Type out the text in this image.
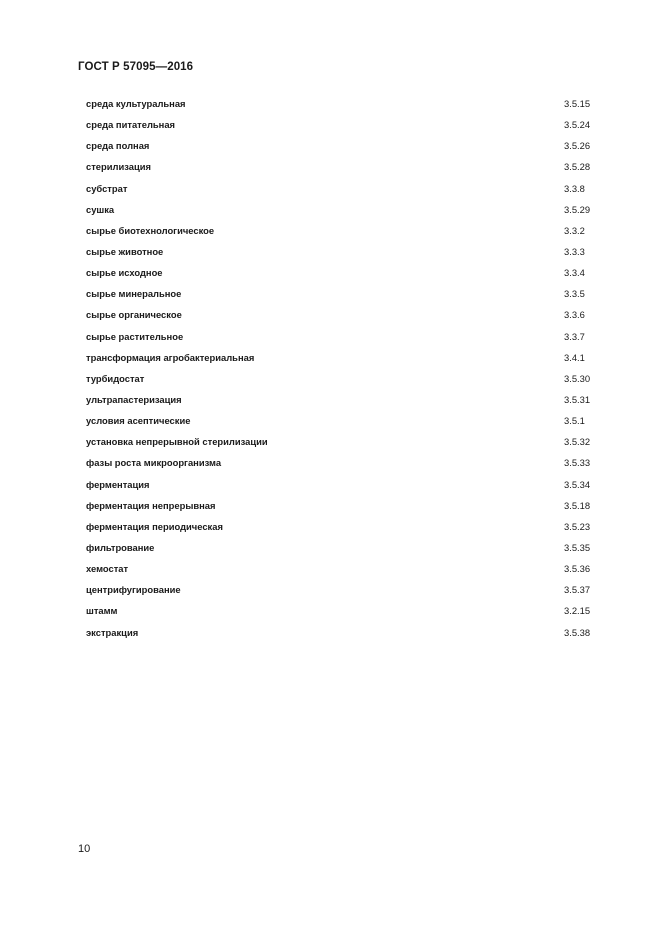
ГОСТ Р 57095—2016
среда культуральная	3.5.15
среда питательная	3.5.24
среда полная	3.5.26
стерилизация	3.5.28
субстрат	3.3.8
сушка	3.5.29
сырье биотехнологическое	3.3.2
сырье животное	3.3.3
сырье исходное	3.3.4
сырье минеральное	3.3.5
сырье органическое	3.3.6
сырье растительное	3.3.7
трансформация агробактериальная	3.4.1
турбидостат	3.5.30
ультрапастеризация	3.5.31
условия асептические	3.5.1
установка непрерывной стерилизации	3.5.32
фазы роста микроорганизма	3.5.33
ферментация	3.5.34
ферментация непрерывная	3.5.18
ферментация периодическая	3.5.23
фильтрование	3.5.35
хемостат	3.5.36
центрифугирование	3.5.37
штамм	3.2.15
экстракция	3.5.38
10
